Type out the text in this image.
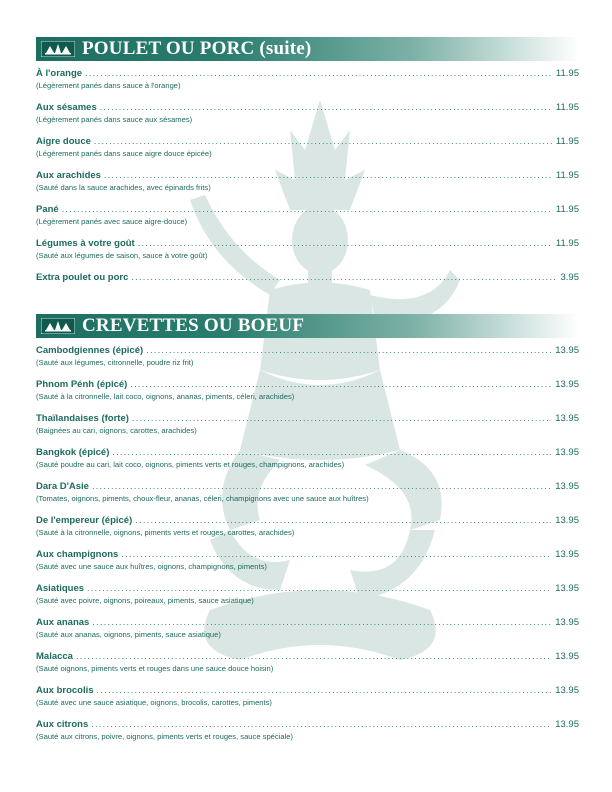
POULET OU PORC (suite)
À l'orange . . .	11.95
(Légèrement panés dans sauce à l'orange)
Aux sésames . . .	11.95
(Légèrement panés dans sauce aux sésames)
Aigre douce . . .	11.95
(Légèrement panés dans sauce aigre douce épicée)
Aux arachides . . .	11.95
(Sauté dans la sauce arachides, avec épinards frits)
Pané . . .	11.95
(Légèrement panés avec sauce aigre-douce)
Légumes à votre goût . . .	11.95
(Sauté aux légumes de saison, sauce à votre goût)
Extra poulet ou porc . . .	3.95
CREVETTES OU BOEUF
Cambodgiennes (épicé) . . .	13.95
(Sauté aux légumes, citronnelle, poudre riz frit)
Phnom Pénh (épicé) . . .	13.95
(Sauté à la citronnelle, lait coco, oignons, ananas, piments, céleri, arachides)
Thaïlandaises (forte) . . .	13.95
(Baignées au cari, oignons, carottes, arachides)
Bangkok (épicé) . . .	13.95
(Sauté poudre au cari, lait coco, oignons, piments verts et rouges, champignons, arachides)
Dara D'Asie . . .	13.95
(Tomates, oignons, piments, choux-fleur, ananas, céleri, champignons avec une sauce aux huîtres)
De l'empereur (épicé) . . .	13.95
(Sauté à la citronnelle, oignons, piments verts et rouges, carottes, arachides)
Aux champignons . . .	13.95
(Sauté avec une sauce aux huîtres, oignons, champignons, piments)
Asiatiques . . .	13.95
(Sauté avec poivre, oignons, poireaux, piments, sauce asiatique)
Aux ananas . . .	13.95
(Sauté aux ananas, oignons, piments, sauce asiatique)
Malacca . . .	13.95
(Sauté oignons, piments verts et rouges dans une sauce douce hoisin)
Aux brocolis . . .	13.95
(Sauté avec une sauce asiatique, oignons, brocolis, carottes, piments)
Aux citrons . . .	13.95
(Sauté aux citrons, poivre, oignons, piments verts et rouges, sauce spéciale)
